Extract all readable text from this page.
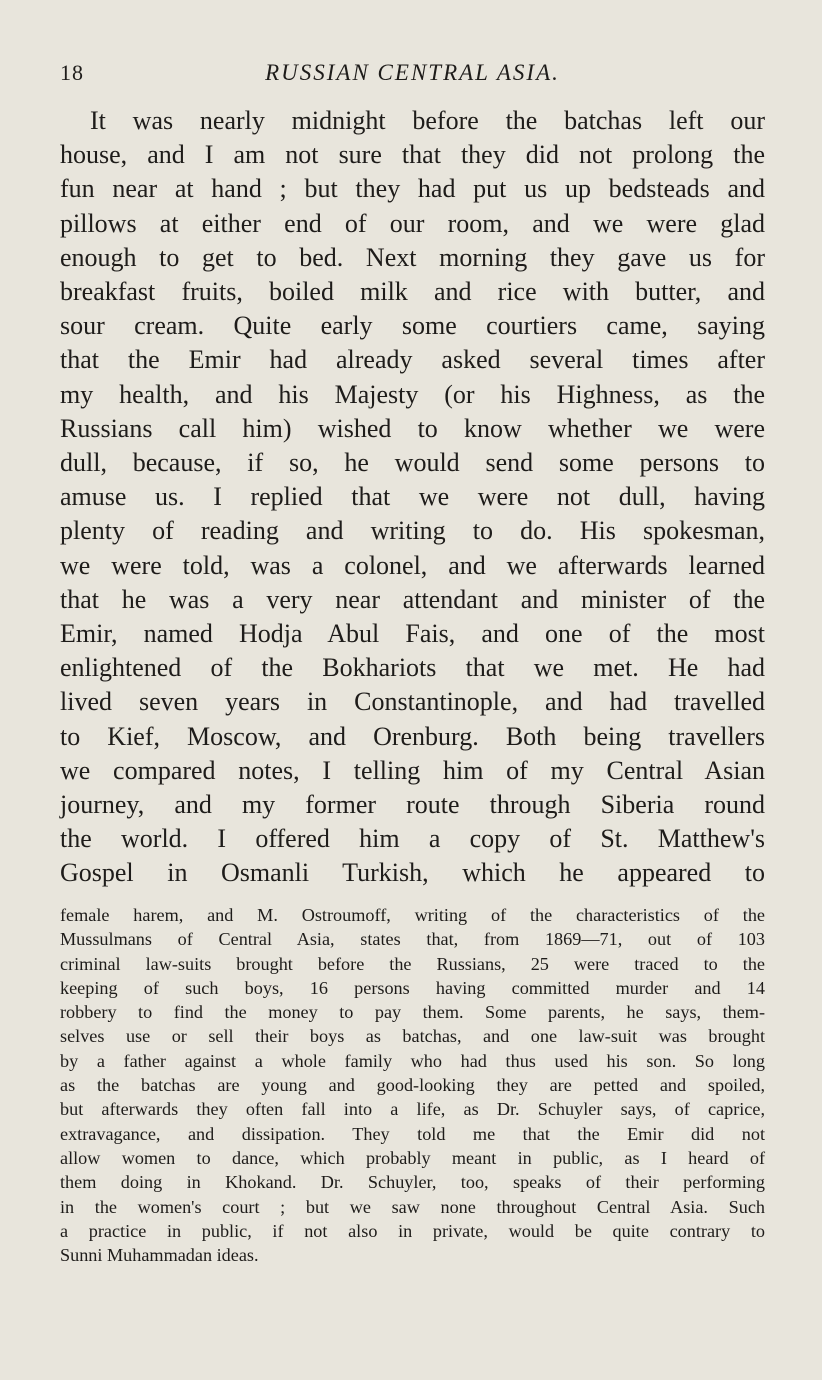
18	RUSSIAN CENTRAL ASIA.

It was nearly midnight before the batchas left our

house, and I am not sure that they did not prolong the
fun near at hand ; but they had put us up bedsteads and
pillows at either end of our room, and we were glad
enough to get to bed. Next morning they gave us for
breakfast fruits, boiled milk and rice with butter, and
sour cream. Quite early some courtiers came, saying
that the Emir had already asked several times after
my health, and his Majesty (or his Highness, as the
Russians call him) wished to know whether we were
dull, because, if so, he would send some persons to
amuse us. I replied that we were not dull, having
plenty of reading and writing to do. His spokesman,
we were told, was a colonel, and we afterwards learned
that he was a very near attendant and minister of the
Emir, named Hodja Abul Fais, and one of the most
enlightened of the Bokhariots that we met. He had
lived seven years in Constantinople, and had travelled
to Kief, Moscow, and Orenburg. Both being travellers
we compared notes, I telling him of my Central Asian
journey, and my former route through Siberia round
the world. I offered him a copy of St. Matthew's
Gospel in Osmanli Turkish, which he appeared to
female harem, and M. Ostroumoff, writing of the characteristics of the
Mussulmans of Central Asia, states that, from 1869—71, out of 103
criminal law-suits brought before the Russians, 25 were traced to the
keeping of such boys, 16 persons having committed murder and 14
robbery to find the money to pay them. Some parents, he says, them-
selves use or sell their boys as batchas, and one law-suit was brought
by a father against a whole family who had thus used his son. So long
as the batchas are young and good-looking they are petted and spoiled,
but afterwards they often fall into a life, as Dr. Schuyler says, of caprice,
extravagance, and dissipation. They told me that the Emir did not
allow women to dance, which probably meant in public, as I heard of
them doing in Khokand. Dr. Schuyler, too, speaks of their performing
in the women's court ; but we saw none throughout Central Asia. Such
a practice in public, if not also in private, would be quite contrary to
Sunni Muhammadan ideas.
